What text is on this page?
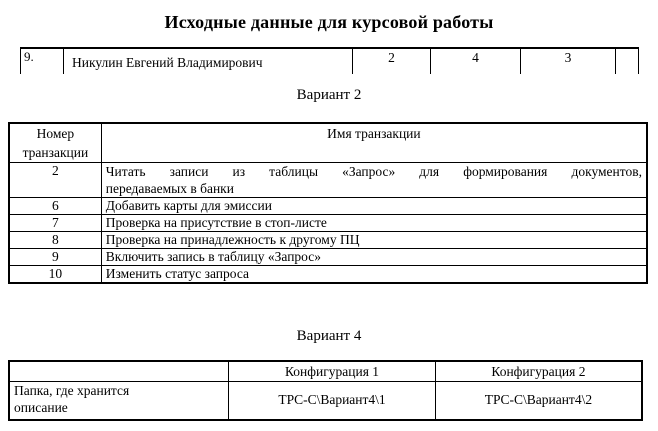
Исходные данные для курсовой работы
9.	Никулин Евгений Владимирович	2	4	3	
Вариант 2
Номер транзакции	Имя транзакции
2	Читать записи из таблицы «Запрос» для формирования документов,
передаваемых в банки

6	Добавить карты для эмиссии
7	Проверка на присутствие в стоп-листе
8	Проверка на принадлежность к другому ПЦ
9	Включить запись в таблицу «Запрос»
10	Изменить статус запроса
Вариант 4
	Конфигурация 1	Конфигурация 2

Папка, где хранится описание	TPC-C\Вариант4\1	TPC-C\Вариант4\2
